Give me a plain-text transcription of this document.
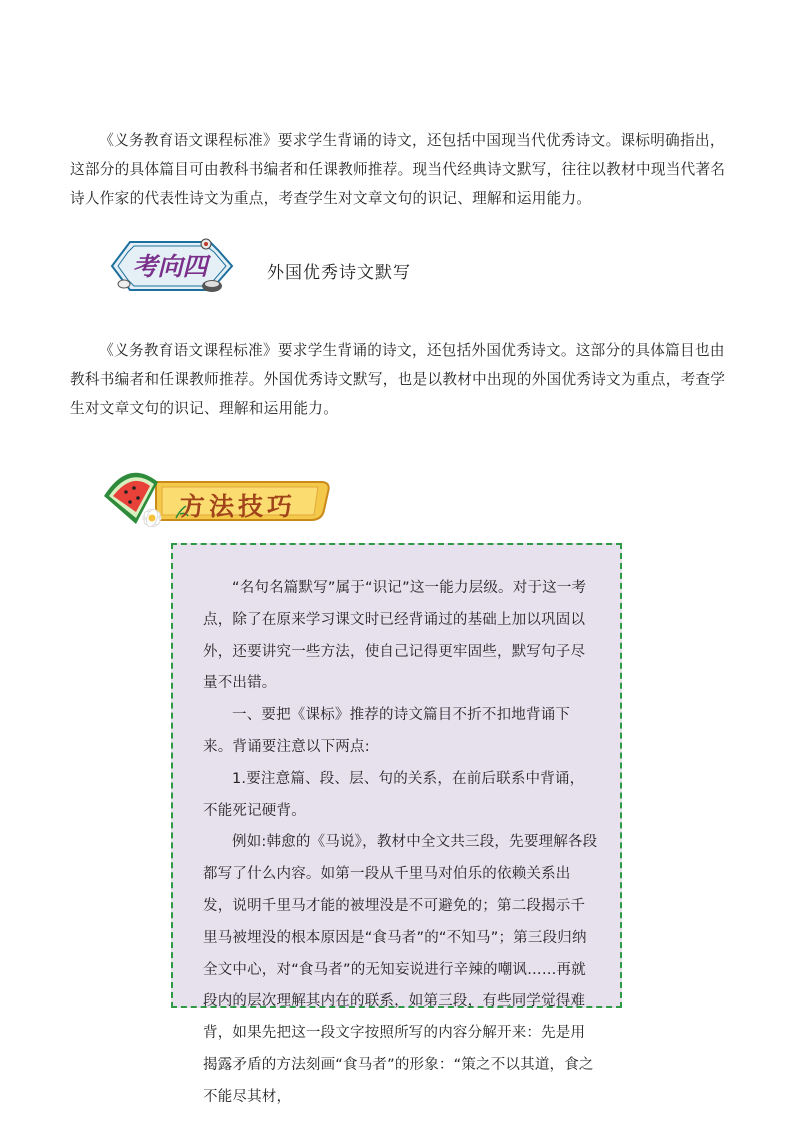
《义务教育语文课程标准》要求学生背诵的诗文，还包括中国现当代优秀诗文。课标明确指出，这部分的具体篇目可由教科书编者和任课教师推荐。现当代经典诗文默写，往往以教材中现当代著名诗人作家的代表性诗文为重点，考查学生对文章文句的识记、理解和运用能力。

考向四	外国优秀诗文默写

《义务教育语文课程标准》要求学生背诵的诗文，还包括外国优秀诗文。这部分的具体篇目也由教科书编者和任课教师推荐。外国优秀诗文默写，也是以教材中出现的外国优秀诗文为重点，考查学生对文章文句的识记、理解和运用能力。

方法技巧

“名句名篇默写”属于“识记”这一能力层级。对于这一考点，除了在原来学习课文时已经背诵过的基础上加以巩固以外，还要讲究一些方法，使自己记得更牢固些，默写句子尽量不出错。

一、要把《课标》推荐的诗文篇目不折不扣地背诵下来。背诵要注意以下两点:

1.要注意篇、段、层、句的关系，在前后联系中背诵，不能死记硬背。

例如:韩愈的《马说》，教材中全文共三段，先要理解各段都写了什么内容。如第一段从千里马对伯乐的依赖关系出发，说明千里马才能的被埋没是不可避免的；第二段揭示千里马被埋没的根本原因是“食马者”的“不知马”；第三段归纳全文中心，对“食马者”的无知妄说进行辛辣的嘲讽……再就段内的层次理解其内在的联系，如第三段，有些同学觉得难背，如果先把这一段文字按照所写的内容分解开来：先是用揭露矛盾的方法刻画“食马者”的形象：“策之不以其道，食之不能尽其材，
